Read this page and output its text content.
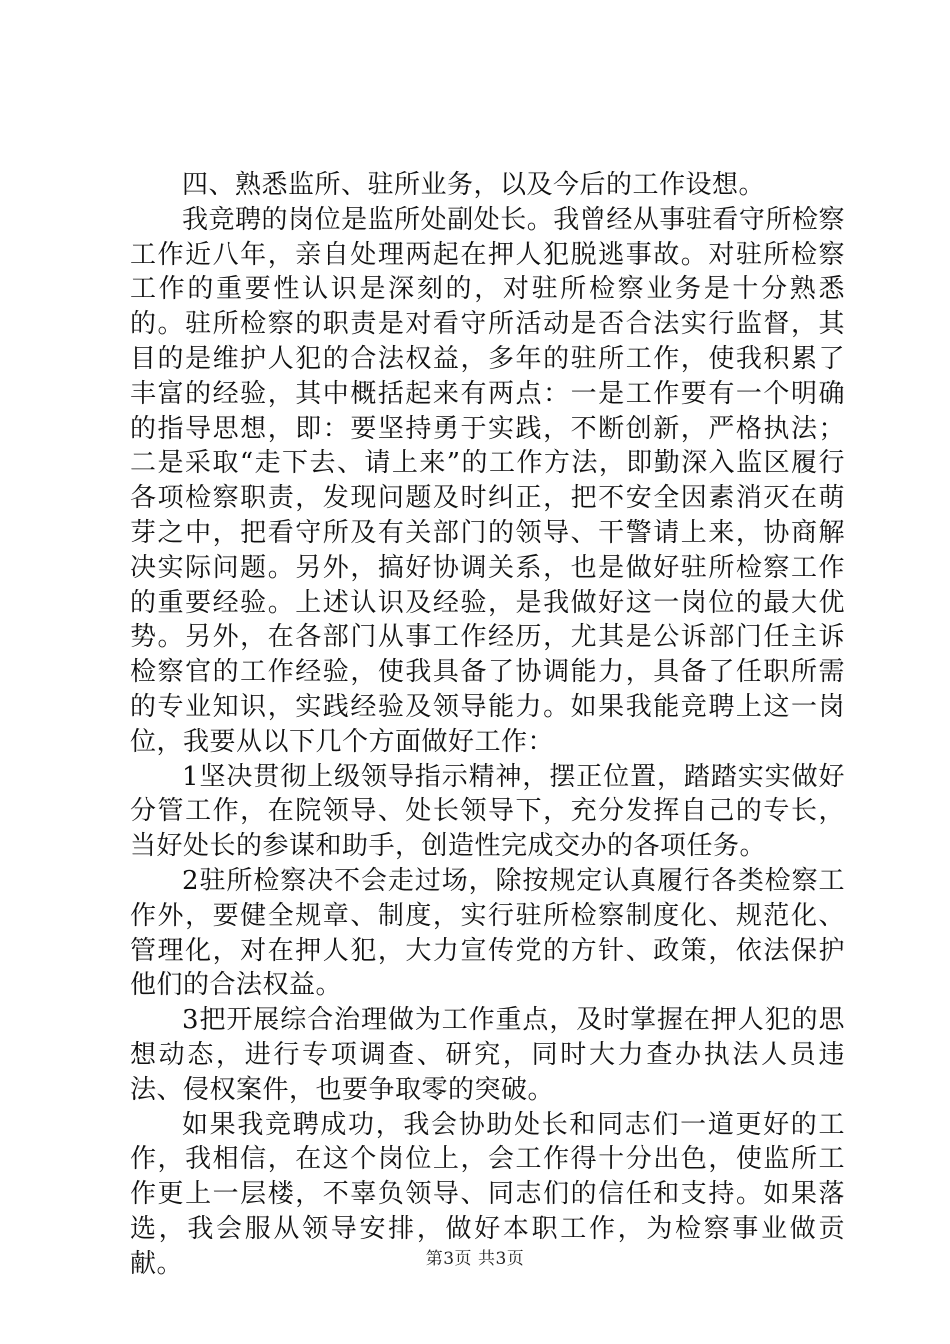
四、熟悉监所、驻所业务，以及今后的工作设想。

我竞聘的岗位是监所处副处长。我曾经从事驻看守所检察工作近八年，亲自处理两起在押人犯脱逃事故。对驻所检察工作的重要性认识是深刻的，对驻所检察业务是十分熟悉的。驻所检察的职责是对看守所活动是否合法实行监督，其目的是维护人犯的合法权益，多年的驻所工作，使我积累了丰富的经验，其中概括起来有两点：一是工作要有一个明确的指导思想，即：要坚持勇于实践，不断创新，严格执法；二是采取“走下去、请上来”的工作方法，即勤深入监区履行各项检察职责，发现问题及时纠正，把不安全因素消灭在萌芽之中，把看守所及有关部门的领导、干警请上来，协商解决实际问题。另外，搞好协调关系，也是做好驻所检察工作的重要经验。上述认识及经验，是我做好这一岗位的最大优势。另外，在各部门从事工作经历，尤其是公诉部门任主诉检察官的工作经验，使我具备了协调能力，具备了任职所需的专业知识，实践经验及领导能力。如果我能竞聘上这一岗位，我要从以下几个方面做好工作：

1坚决贯彻上级领导指示精神，摆正位置，踏踏实实做好分管工作，在院领导、处长领导下，充分发挥自己的专长，当好处长的参谋和助手，创造性完成交办的各项任务。

2驻所检察决不会走过场，除按规定认真履行各类检察工作外，要健全规章、制度，实行驻所检察制度化、规范化、管理化，对在押人犯，大力宣传党的方针、政策，依法保护他们的合法权益。

3把开展综合治理做为工作重点，及时掌握在押人犯的思想动态，进行专项调查、研究，同时大力查办执法人员违法、侵权案件，也要争取零的突破。

如果我竞聘成功，我会协助处长和同志们一道更好的工作，我相信，在这个岗位上，会工作得十分出色，使监所工作更上一层楼，不辜负领导、同志们的信任和支持。如果落选，我会服从领导安排，做好本职工作，为检察事业做贡献。	第3页 共3页
